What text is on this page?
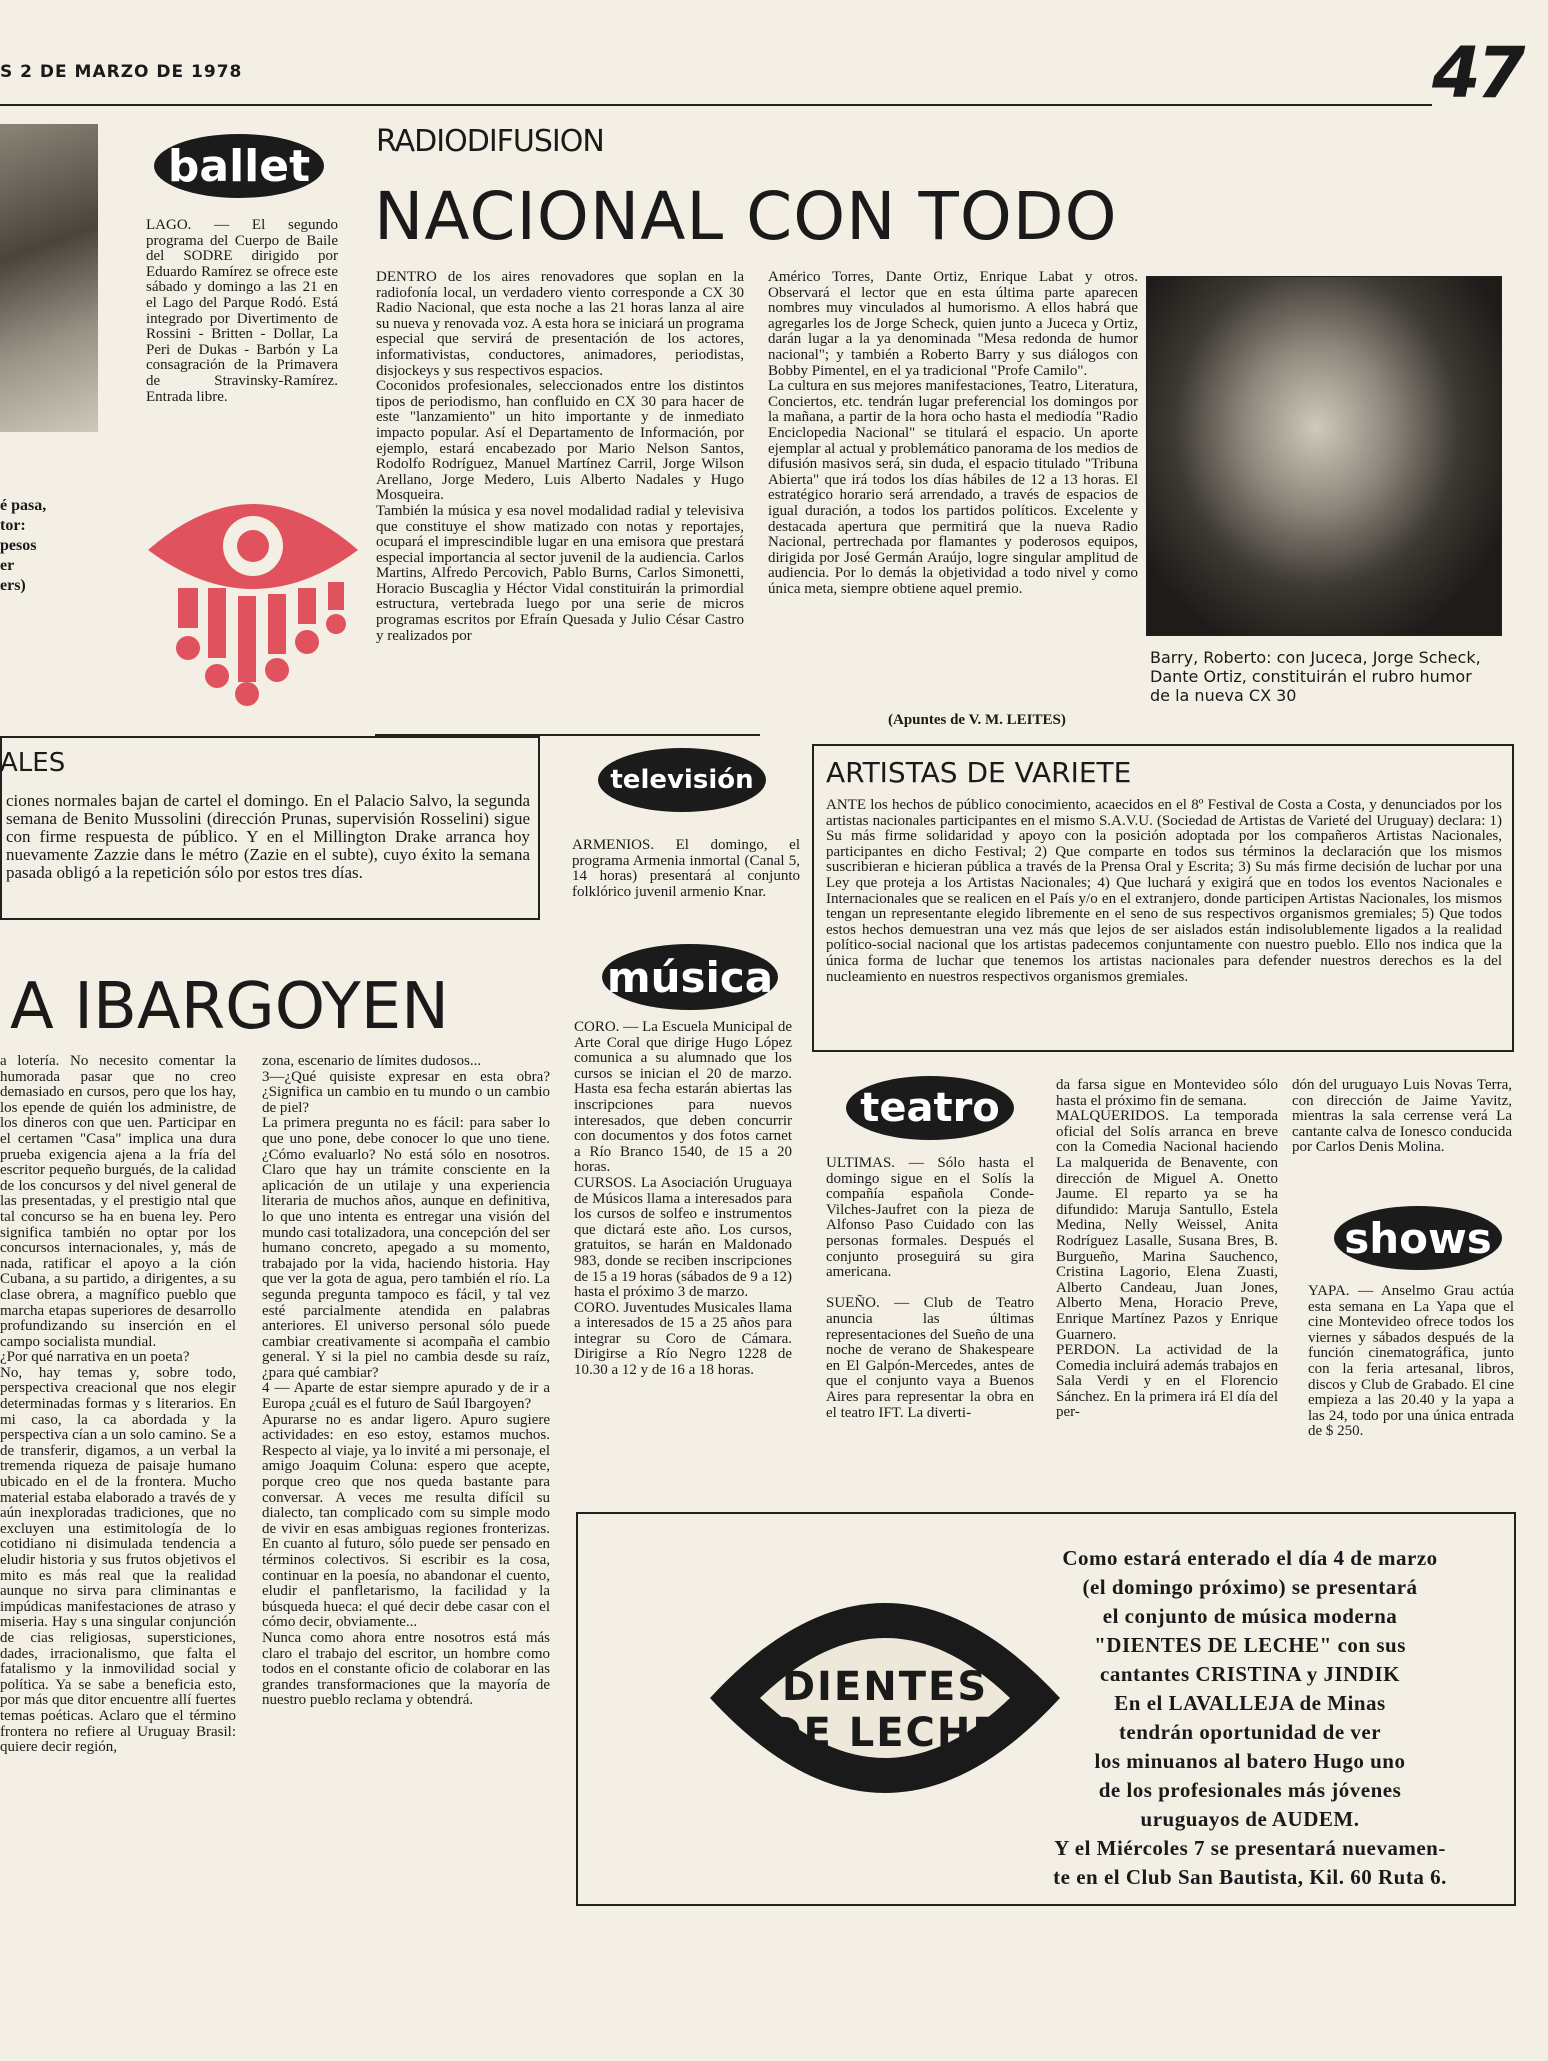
S 2 DE MARZO DE 1978	47
ballet
LAGO. — El segundo programa del Cuerpo de Baile del SODRE dirigido por Eduardo Ramírez se ofrece este sábado y domingo a las 21 en el Lago del Parque Rodó. Está integrado por Divertimento de Rossini - Britten - Dollar, La Peri de Dukas - Barbón y La consagración de la Primavera de Stravinsky-Ramírez. Entrada libre.
é pasa,
tor:
pesos
er
ers)
RADIODIFUSION
NACIONAL CON TODO
DENTRO de los aires renovadores que soplan en la radiofonía local, un verdadero viento corresponde a CX 30 Radio Nacional, que esta noche a las 21 horas lanza al aire su nueva y renovada voz. A esta hora se iniciará un programa especial que servirá de presentación de los actores, informativistas, conductores, animadores, periodistas, disjockeys y sus respectivos espacios.
Coconidos profesionales, seleccionados entre los distintos tipos de periodismo, han confluido en CX 30 para hacer de este "lanzamiento" un hito importante y de inmediato impacto popular. Así el Departamento de Información, por ejemplo, estará encabezado por Mario Nelson Santos, Rodolfo Rodríguez, Manuel Martínez Carril, Jorge Wilson Arellano, Jorge Medero, Luis Alberto Nadales y Hugo Mosqueira.
También la música y esa novel modalidad radial y televisiva que constituye el show matizado con notas y reportajes, ocupará el imprescindible lugar en una emisora que prestará especial importancia al sector juvenil de la audiencia. Carlos Martins, Alfredo Percovich, Pablo Burns, Carlos Simonetti, Horacio Buscaglia y Héctor Vidal constituirán la primordial estructura, vertebrada luego por una serie de micros programas escritos por Efraín Quesada y Julio César Castro y realizados por
Américo Torres, Dante Ortiz, Enrique Labat y otros. Observará el lector que en esta última parte aparecen nombres muy vinculados al humorismo. A ellos habrá que agregarles los de Jorge Scheck, quien junto a Juceca y Ortiz, darán lugar a la ya denominada "Mesa redonda de humor nacional"; y también a Roberto Barry y sus diálogos con Bobby Pimentel, en el ya tradicional "Profe Camilo".
La cultura en sus mejores manifestaciones, Teatro, Literatura, Conciertos, etc. tendrán lugar preferencial los domingos por la mañana, a partir de la hora ocho hasta el mediodía "Radio Enciclopedia Nacional" se titulará el espacio. Un aporte ejemplar al actual y problemático panorama de los medios de difusión masivos será, sin duda, el espacio titulado "Tribuna Abierta" que irá todos los días hábiles de 12 a 13 horas. El estratégico horario será arrendado, a través de espacios de igual duración, a todos los partidos políticos. Excelente y destacada apertura que permitirá que la nueva Radio Nacional, pertrechada por flamantes y poderosos equipos, dirigida por José Germán Araújo, logre singular amplitud de audiencia. Por lo demás la objetividad a todo nivel y como única meta, siempre obtiene aquel premio.
(Apuntes de V. M. LEITES)
Barry, Roberto: con Juceca, Jorge Scheck, Dante Ortiz, constituirán el rubro humor de la nueva CX 30
ALES
ciones normales bajan de cartel el domingo. En el Palacio Salvo, la segunda semana de Benito Mussolini (dirección Prunas, supervisión Rosselini) sigue con firme respuesta de público. Y en el Millington Drake arranca hoy nuevamente Zazzie dans le métro (Zazie en el subte), cuyo éxito la semana pasada obligó a la repetición sólo por estos tres días.
televisión
ARMENIOS. El domingo, el programa Armenia inmortal (Canal 5, 14 horas) presentará al conjunto folklórico juvenil armenio Knar.
ARTISTAS DE VARIETE
ANTE los hechos de público conocimiento, acaecidos en el 8º Festival de Costa a Costa, y denunciados por los artistas nacionales participantes en el mismo S.A.V.U. (Sociedad de Artistas de Varieté del Uruguay) declara: 1) Su más firme solidaridad y apoyo con la posición adoptada por los compañeros Artistas Nacionales, participantes en dicho Festival; 2) Que comparte en todos sus términos la declaración que los mismos suscribieran e hicieran pública a través de la Prensa Oral y Escrita; 3) Su más firme decisión de luchar por una Ley que proteja a los Artistas Nacionales; 4) Que luchará y exigirá que en todos los eventos Nacionales e Internacionales que se realicen en el País y/o en el extranjero, donde participen Artistas Nacionales, los mismos tengan un representante elegido libremente en el seno de sus respectivos organismos gremiales; 5) Que todos estos hechos demuestran una vez más que lejos de ser aislados están indisolublemente ligados a la realidad político-social nacional que los artistas padecemos conjuntamente con nuestro pueblo. Ello nos indica que la única forma de luchar que tenemos los artistas nacionales para defender nuestros derechos es la del nucleamiento en nuestros respectivos organismos gremiales.
A IBARGOYEN
a lotería. No necesito comentar la humorada pasar que no creo demasiado en cursos, pero que los hay, los epende de quién los administre, de los dineros con que uen. Participar en el certamen "Casa" implica una dura prueba exigencia ajena a la fría del escritor pequeño burgués, de la calidad de los concursos y del nivel general de las presentadas, y el prestigio ntal que tal concurso se ha en buena ley. Pero significa también no optar por los concursos internacionales, y, más de nada, ratificar el apoyo a la ción Cubana, a su partido, a dirigentes, a su clase obrera, a magnífico pueblo que marcha etapas superiores de desarrollo profundizando su inserción en el campo socialista mundial.
¿Por qué narrativa en un poeta?
No, hay temas y, sobre todo, perspectiva creacional que nos elegir determinadas formas y s literarios. En mi caso, la ca abordada y la perspectiva cían a un solo camino. Se a de transferir, digamos, a un verbal la tremenda riqueza de paisaje humano ubicado en el de la frontera. Mucho material estaba elaborado a través de y aún inexploradas tradiciones, que no excluyen una estimitología de lo cotidiano ni disimulada tendencia a eludir historia y sus frutos objetivos el mito es más real que la realidad aunque no sirva para climinantas e impúdicas manifestaciones de atraso y miseria. Hay s una singular conjunción de cias religiosas, supersticiones, dades, irracionalismo, que falta el fatalismo y la inmovilidad social y política. Ya se sabe a beneficia esto, por más que ditor encuentre allí fuertes temas poéticas. Aclaro que el término frontera no refiere al Uruguay Brasil: quiere decir región,
zona, escenario de límites dudosos...
3—¿Qué quisiste expresar en esta obra? ¿Significa un cambio en tu mundo o un cambio de piel?
La primera pregunta no es fácil: para saber lo que uno pone, debe conocer lo que uno tiene. ¿Cómo evaluarlo? No está sólo en nosotros. Claro que hay un trámite consciente en la aplicación de un utilaje y una experiencia literaria de muchos años, aunque en definitiva, lo que uno intenta es entregar una visión del mundo casi totalizadora, una concepción del ser humano concreto, apegado a su momento, trabajado por la vida, haciendo historia. Hay que ver la gota de agua, pero también el río. La segunda pregunta tampoco es fácil, y tal vez esté parcialmente atendida en palabras anteriores. El universo personal sólo puede cambiar creativamente si acompaña el cambio general. Y si la piel no cambia desde su raíz, ¿para qué cambiar?
4 — Aparte de estar siempre apurado y de ir a Europa ¿cuál es el futuro de Saúl Ibargoyen?
Apurarse no es andar ligero. Apuro sugiere actividades: en eso estoy, estamos muchos. Respecto al viaje, ya lo invité a mi personaje, el amigo Joaquim Coluna: espero que acepte, porque creo que nos queda bastante para conversar. A veces me resulta difícil su dialecto, tan complicado com su simple modo de vivir en esas ambiguas regiones fronterizas. En cuanto al futuro, sólo puede ser pensado en términos colectivos. Si escribir es la cosa, continuar en la poesía, no abandonar el cuento, eludir el panfletarismo, la facilidad y la búsqueda hueca: el qué decir debe casar con el cómo decir, obviamente...
Nunca como ahora entre nosotros está más claro el trabajo del escritor, un hombre como todos en el constante oficio de colaborar en las grandes transformaciones que la mayoría de nuestro pueblo reclama y obtendrá.
música
CORO. — La Escuela Municipal de Arte Coral que dirige Hugo López comunica a su alumnado que los cursos se inician el 20 de marzo. Hasta esa fecha estarán abiertas las inscripciones para nuevos interesados, que deben concurrir con documentos y dos fotos carnet a Río Branco 1540, de 15 a 20 horas.
CURSOS. La Asociación Uruguaya de Músicos llama a interesados para los cursos de solfeo e instrumentos que dictará este año. Los cursos, gratuitos, se harán en Maldonado 983, donde se reciben inscripciones de 15 a 19 horas (sábados de 9 a 12) hasta el próximo 3 de marzo.
CORO. Juventudes Musicales llama a interesados de 15 a 25 años para integrar su Coro de Cámara. Dirigirse a Río Negro 1228 de 10.30 a 12 y de 16 a 18 horas.
teatro
ULTIMAS. — Sólo hasta el domingo sigue en el Solís la compañía española Conde-Vilches-Jaufret con la pieza de Alfonso Paso Cuidado con las personas formales. Después el conjunto proseguirá su gira americana.

SUEÑO. — Club de Teatro anuncia las últimas representaciones del Sueño de una noche de verano de Shakespeare en El Galpón-Mercedes, antes de que el conjunto vaya a Buenos Aires para representar la obra en el teatro IFT. La diverti-
da farsa sigue en Montevideo sólo hasta el próximo fin de semana.
MALQUERIDOS. La temporada oficial del Solís arranca en breve con la Comedia Nacional haciendo La malquerida de Benavente, con dirección de Miguel A. Onetto Jaume. El reparto ya se ha difundido: Maruja Santullo, Estela Medina, Nelly Weissel, Anita Rodríguez Lasalle, Susana Bres, B. Burgueño, Marina Sauchenco, Cristina Lagorio, Elena Zuasti, Alberto Candeau, Juan Jones, Alberto Mena, Horacio Preve, Enrique Martínez Pazos y Enrique Guarnero.
PERDON. La actividad de la Comedia incluirá además trabajos en Sala Verdi y en el Florencio Sánchez. En la primera irá El día del per-
dón del uruguayo Luis Novas Terra, con dirección de Jaime Yavitz, mientras la sala cerrense verá La cantante calva de Ionesco conducida por Carlos Denis Molina.
shows
YAPA. — Anselmo Grau actúa esta semana en La Yapa que el cine Montevideo ofrece todos los viernes y sábados después de la función cinematográfica, junto con la feria artesanal, libros, discos y Club de Grabado. El cine empieza a las 20.40 y la yapa a las 24, todo por una única entrada de $ 250.
DIENTES DE LECHE
Como estará enterado el día 4 de marzo
(el domingo próximo) se presentará
el conjunto de música moderna
"DIENTES DE LECHE" con sus
cantantes CRISTINA y JINDIK
En el LAVALLEJA de Minas
tendrán oportunidad de ver
los minuanos al batero Hugo uno
de los profesionales más jóvenes
uruguayos de AUDEM.
Y el Miércoles 7 se presentará nuevamen-
te en el Club San Bautista, Kil. 60 Ruta 6.
